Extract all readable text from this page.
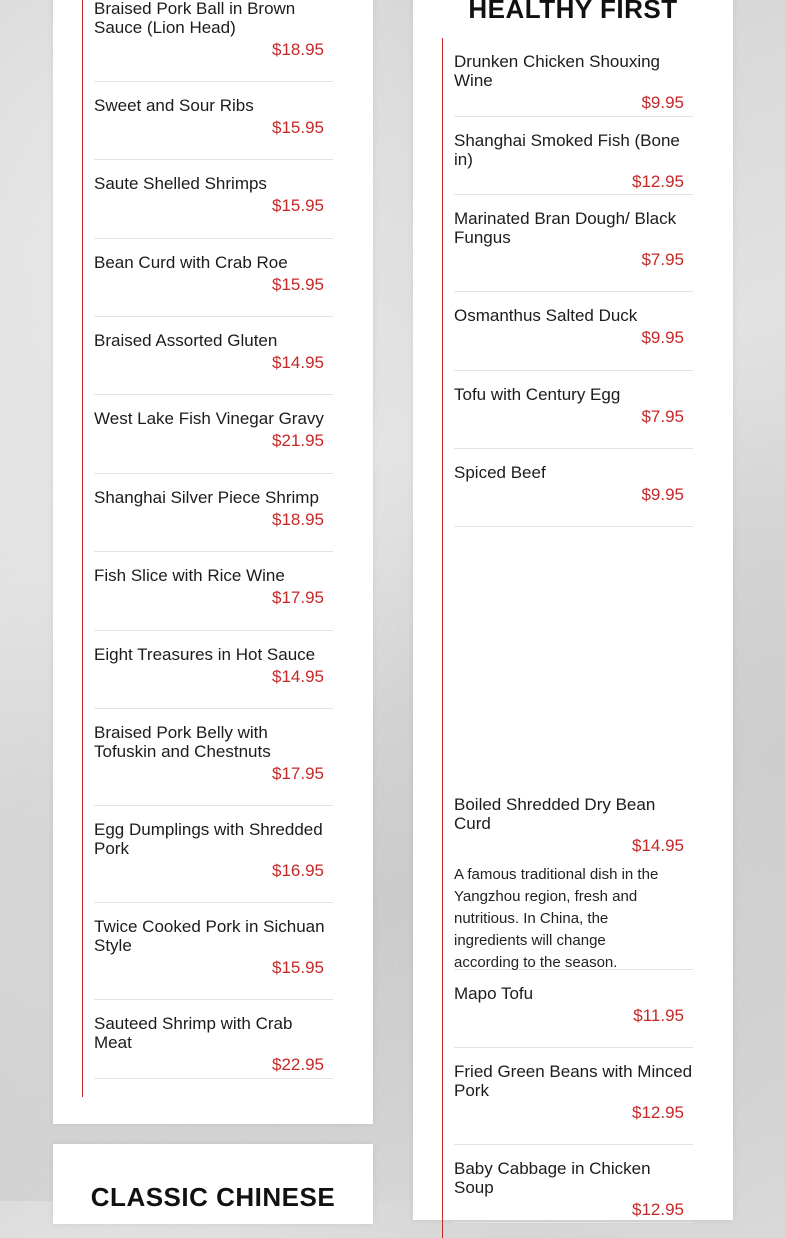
Braised Pork Ball in Brown Sauce (Lion Head)
$18.95
Sweet and Sour Ribs
$15.95
Saute Shelled Shrimps
$15.95
Bean Curd with Crab Roe
$15.95
Braised Assorted Gluten
$14.95
West Lake Fish Vinegar Gravy
$21.95
Shanghai Silver Piece Shrimp
$18.95
Fish Slice with Rice Wine
$17.95
Eight Treasures in Hot Sauce
$14.95
Braised Pork Belly with Tofuskin and Chestnuts
$17.95
Egg Dumplings with Shredded Pork
$16.95
Twice Cooked Pork in Sichuan Style
$15.95
Sauteed Shrimp with Crab Meat
$22.95
CLASSIC CHINESE
HEALTHY FIRST
Drunken Chicken Shouxing Wine
$9.95
Shanghai Smoked Fish (Bone in)
$12.95
Marinated Bran Dough/ Black Fungus
$7.95
Osmanthus Salted Duck
$9.95
Tofu with Century Egg
$7.95
Spiced Beef
$9.95
Boiled Shredded Dry Bean Curd
$14.95
A famous traditional dish in the Yangzhou region, fresh and nutritious. In China, the ingredients will change according to the season.
Mapo Tofu
$11.95
Fried Green Beans with Minced Pork
$12.95
Baby Cabbage in Chicken Soup
$12.95
